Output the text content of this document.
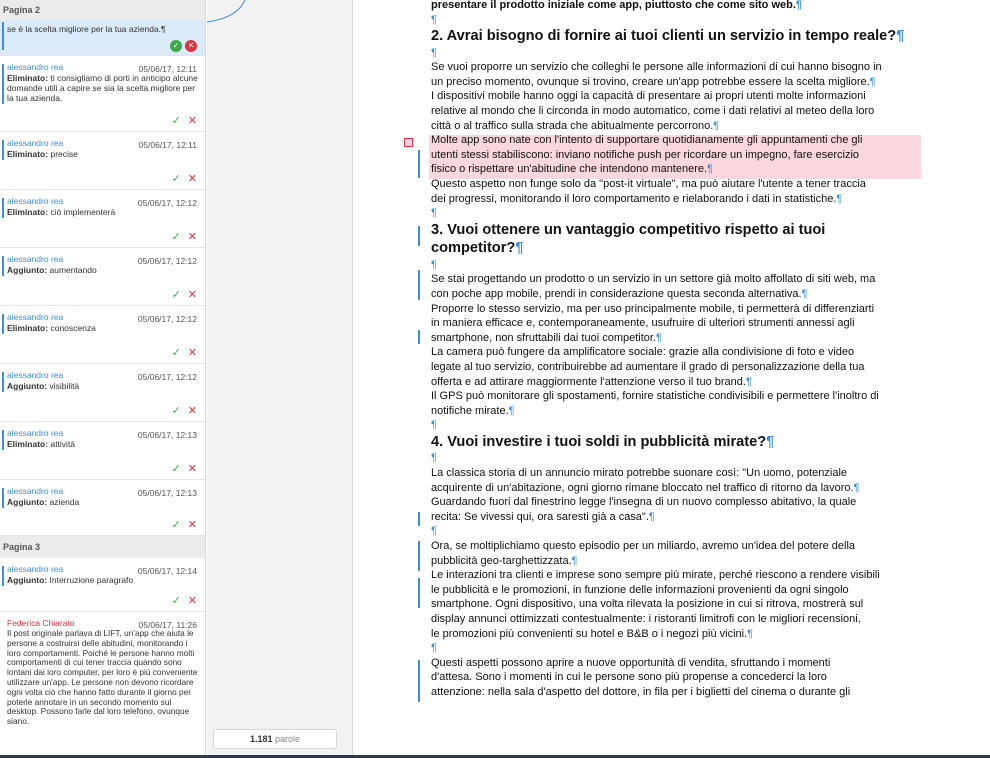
Pagina 2
se è la scelta migliore per la tua azienda.¶
✓ ✕
alessandro rea	05/06/17, 12:11
Eliminato: ti consigliamo di porti in anticipo alcune domande utili a capire se sia la scelta migliore per la tua azienda.
✓ ✕
alessandro rea	05/06/17, 12:11
Eliminato: precise
✓ ✕
alessandro rea	05/06/17, 12:12
Eliminato: ciò implementerà
✓ ✕
alessandro rea	05/06/17, 12:12
Aggiunto: aumentando
✓ ✕
alessandro rea	05/06/17, 12:12
Eliminato: conoscenza
✓ ✕
alessandro rea	05/06/17, 12:12
Aggiunto: visibilità
✓ ✕
alessandro rea	05/06/17, 12:13
Eliminato: attività
✓ ✕
alessandro rea	05/06/17, 12:13
Aggiunto: azienda
✓ ✕
Pagina 3
alessandro rea	05/06/17, 12:14
Aggiunto: Interruzione paragrafo
✓ ✕
Federica Chiarato	05/06/17, 11:26
Il post originale parlava di LIFT, un'app che aiuta le persone a costruirsi delle abitudini, monitorando i loro comportamenti. Poiché le persone hanno molti comportamenti di cui tener traccia quando sono lontani dai loro computer, per loro è più conveniente utilizzare un'app. Le persone non devono ricordare ogni volta ciò che hanno fatto durante il giorno per poterle annotare in un secondo momento sul desktop. Possono farle dal loro telefono, ovunque siano.
1.181 parole
presentare il prodotto iniziale come app, piuttosto che come sito web.¶
¶
2. Avrai bisogno di fornire ai tuoi clienti un servizio in tempo reale?¶
¶
Se vuoi proporre un servizio che colleghi le persone alle informazioni di cui hanno bisogno in
un preciso momento, ovunque si trovino, creare un'app potrebbe essere la scelta migliore.¶
I dispositivi mobile hanno oggi la capacità di presentare ai propri utenti molte informazioni
relative al mondo che li circonda in modo automatico, come i dati relativi al meteo della loro
città o al traffico sulla strada che abitualmente percorrono.¶
Molte app sono nate con l'intento di supportare quotidianamente gli appuntamenti che gli
utenti stessi stabiliscono: inviano notifiche push per ricordare un impegno, fare esercizio
fisico o rispettare un'abitudine che intendono mantenere.¶
Questo aspetto non funge solo da "post-it virtuale", ma può aiutare l'utente a tener traccia
dei progressi, monitorando il loro comportamento e rielaborando i dati in statistiche.¶
¶
3. Vuoi ottenere un vantaggio competitivo rispetto ai tuoi
competitor?¶
¶
Se stai progettando un prodotto o un servizio in un settore già molto affollato di siti web, ma
con poche app mobile, prendi in considerazione questa seconda alternativa.¶
Proporre lo stesso servizio, ma per uso principalmente mobile, ti permetterà di differenziarti
in maniera efficace e, contemporaneamente, usufruire di ulteriori strumenti annessi agli
smartphone, non sfruttabili dai tuoi competitor.¶
La camera può fungere da amplificatore sociale: grazie alla condivisione di foto e video
legate al tuo servizio, contribuirebbe ad aumentare il grado di personalizzazione della tua
offerta e ad attirare maggiormente l'attenzione verso il tuo brand.¶
Il GPS può monitorare gli spostamenti, fornire statistiche condivisibili e permettere l'inoltro di
notifiche mirate.¶
¶
4. Vuoi investire i tuoi soldi in pubblicità mirate?¶
¶
La classica storia di un annuncio mirato potrebbe suonare così: "Un uomo, potenziale
acquirente di un'abitazione, ogni giorno rimane bloccato nel traffico di ritorno da lavoro.¶
Guardando fuori dal finestrino legge l'insegna di un nuovo complesso abitativo, la quale
recita: Se vivessi qui, ora saresti già a casa".¶
¶
Ora, se moltiplichiamo questo episodio per un miliardo, avremo un'idea del potere della
pubblicità geo-targhettizzata.¶
Le interazioni tra clienti e imprese sono sempre più mirate, perché riescono a rendere visibili
le pubblicità e le promozioni, in funzione delle informazioni provenienti da ogni singolo
smartphone. Ogni dispositivo, una volta rilevata la posizione in cui si ritrova, mostrerà sul
display annunci ottimizzati contestualmente: i ristoranti limitrofi con le migliori recensioni,
le promozioni più convenienti su hotel e B&B o i negozi più vicini.¶
¶
Questi aspetti possono aprire a nuove opportunità di vendita, sfruttando i momenti
d'attesa. Sono i momenti in cui le persone sono più propense a concederci la loro
attenzione: nella sala d'aspetto del dottore, in fila per i biglietti del cinema o durante gli
